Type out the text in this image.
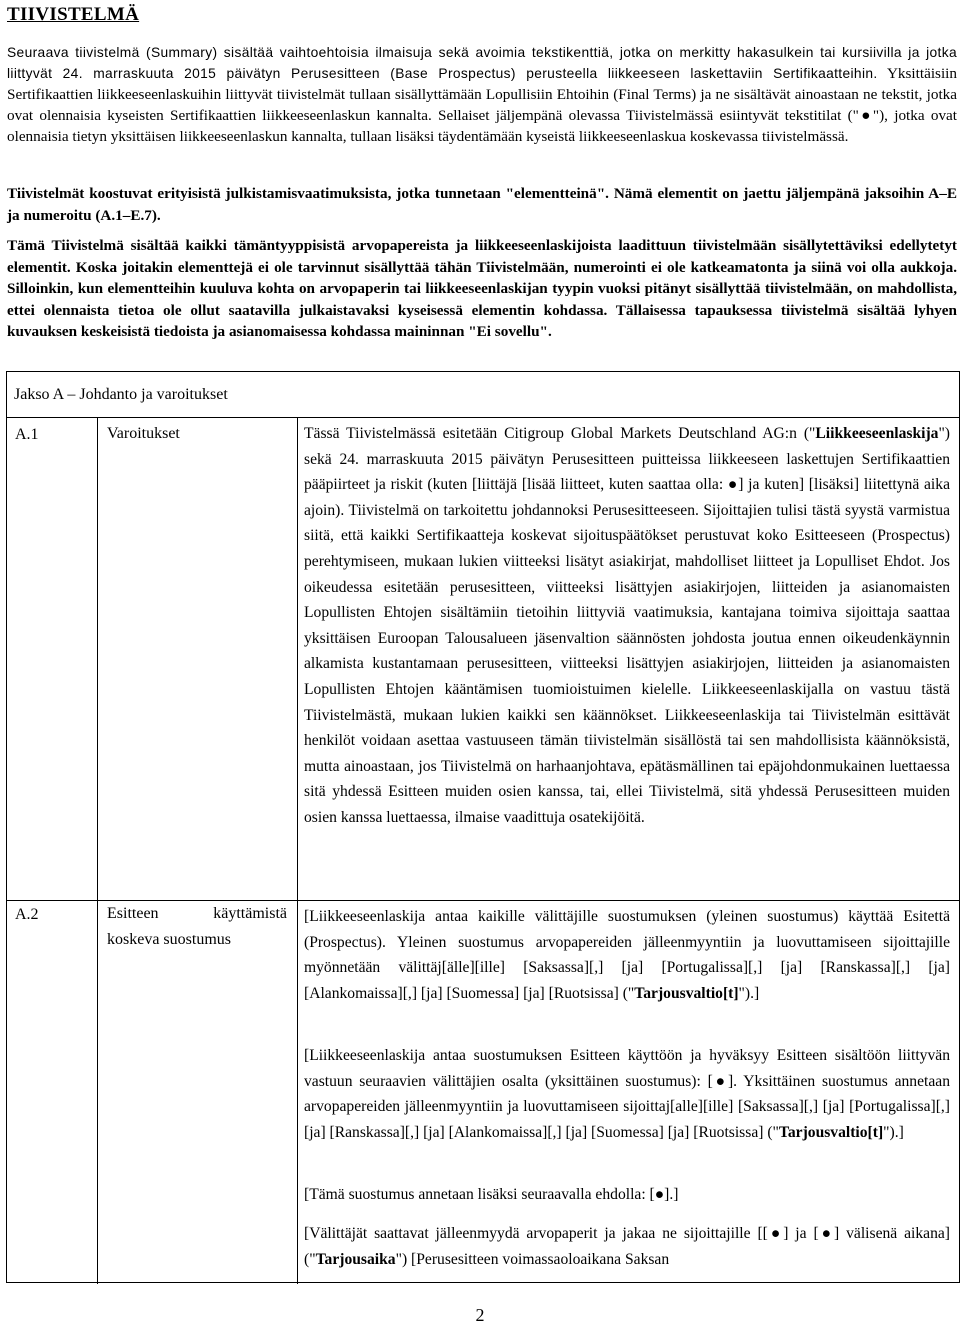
TIIVISTELMÄ

Seuraava tiivistelmä (Summary) sisältää vaihtoehtoisia ilmaisuja sekä avoimia tekstikenttiä, jotka on merkitty hakasulkein tai kursiivilla ja jotka liittyvät 24. marraskuuta 2015 päivätyn Perusesitteen (Base Prospectus) perusteella liikkeeseen laskettaviin Sertifikaatteihin. Yksittäisiin Sertifikaattien liikkeeseenlaskuihin liittyvät tiivistelmät tullaan sisällyttämään Lopullisiin Ehtoihin (Final Terms) ja ne sisältävät ainoastaan ne tekstit, jotka ovat olennaisia kyseisten Sertifikaattien liikkeeseenlaskun kannalta. Sellaiset jäljempänä olevassa Tiivistelmässä esiintyvät tekstitilat ("●"), jotka ovat olennaisia tietyn yksittäisen liikkeeseenlaskun kannalta, tullaan lisäksi täydentämään kyseistä liikkeeseenlaskua koskevassa tiivistelmässä.

Tiivistelmät koostuvat erityisistä julkistamisvaatimuksista, jotka tunnetaan "elementteinä". Nämä elementit on jaettu jäljempänä jaksoihin A–E ja numeroitu (A.1–E.7).

Tämä Tiivistelmä sisältää kaikki tämäntyyppisistä arvopapereista ja liikkeeseenlaskijoista laadittuun tiivistelmään sisällytettäviksi edellytetyt elementit. Koska joitakin elementtejä ei ole tarvinnut sisällyttää tähän Tiivistelmään, numerointi ei ole katkeamatonta ja siinä voi olla aukkoja. Silloinkin, kun elementteihin kuuluva kohta on arvopaperin tai liikkeeseenlaskijan tyypin vuoksi pitänyt sisällyttää tiivistelmään, on mahdollista, ettei olennaista tietoa ole ollut saatavilla julkaistavaksi kyseisessä elementin kohdassa. Tällaisessa tapauksessa tiivistelmä sisältää lyhyen kuvauksen keskeisistä tiedoista ja asianomaisessa kohdassa maininnan "Ei sovellu".

Jakso A – Johdanto ja varoitukset
A.1	Varoitukset	Tässä Tiivistelmässä esitetään Citigroup Global Markets Deutschland AG:n ("Liikkeeseenlaskija") sekä 24. marraskuuta 2015 päivätyn Perusesitteen puitteissa liikkeeseen laskettujen Sertifikaattien pääpiirteet ja riskit (kuten [liittäjä [lisää liitteet, kuten saattaa olla: ●] ja kuten] [lisäksi] liitettynä aika ajoin). Tiivistelmä on tarkoitettu johdannoksi Perusesitteeseen. Sijoittajien tulisi tästä syystä varmistua siitä, että kaikki Sertifikaatteja koskevat sijoituspäätökset perustuvat koko Esitteeseen (Prospectus) perehtymiseen, mukaan lukien viitteeksi lisätyt asiakirjat, mahdolliset liitteet ja Lopulliset Ehdot. Jos oikeudessa esitetään perusesitteen, viitteeksi lisättyjen asiakirjojen, liitteiden ja asianomaisten Lopullisten Ehtojen sisältämiin tietoihin liittyviä vaatimuksia, kantajana toimiva sijoittaja saattaa yksittäisen Euroopan Talousalueen jäsenvaltion säännösten johdosta joutua ennen oikeudenkäynnin alkamista kustantamaan perusesitteen, viitteeksi lisättyjen asiakirjojen, liitteiden ja asianomaisten Lopullisten Ehtojen kääntämisen tuomioistuimen kielelle. Liikkeeseenlaskijalla on vastuu tästä Tiivistelmästä, mukaan lukien kaikki sen käännökset. Liikkeeseenlaskija tai Tiivistelmän esittävät henkilöt voidaan asettaa vastuuseen tämän tiivistelmän sisällöstä tai sen mahdollisista käännöksistä, mutta ainoastaan, jos Tiivistelmä on harhaanjohtava, epätäsmällinen tai epäjohdonmukainen luettaessa sitä yhdessä Esitteen muiden osien kanssa, tai, ellei Tiivistelmä, sitä yhdessä Perusesitteen muiden osien kanssa luettaessa, ilmaise vaadittuja osatekijöitä.

A.2	Esitteen käyttämistä koskeva suostumus

[Liikkeeseenlaskija antaa kaikille välittäjille suostumuksen (yleinen suostumus) käyttää Esitettä (Prospectus). Yleinen suostumus arvopapereiden jälleenmyyntiin ja luovuttamiseen sijoittajille myönnetään välittäj[älle][ille] [Saksassa][,] [ja] [Portugalissa][,] [ja] [Ranskassa][,] [ja] [Alankomaissa][,] [ja] [Suomessa] [ja] [Ruotsissa] ("Tarjousvaltio[t]").]

[Liikkeeseenlaskija antaa suostumuksen Esitteen käyttöön ja hyväksyy Esitteen sisältöön liittyvän vastuun seuraavien välittäjien osalta (yksittäinen suostumus): [●]. Yksittäinen suostumus annetaan arvopapereiden jälleenmyyntiin ja luovuttamiseen sijoittaj[alle][ille] [Saksassa][,] [ja] [Portugalissa][,] [ja] [Ranskassa][,] [ja] [Alankomaissa][,] [ja] [Suomessa] [ja] [Ruotsissa] ("Tarjousvaltio[t]").]

[Tämä suostumus annetaan lisäksi seuraavalla ehdolla: [●].]

[Välittäjät saattavat jälleenmyydä arvopaperit ja jakaa ne sijoittajille [[●] ja [●] välisenä aikana] ("Tarjousaika") [Perusesitteen voimassaoloaikana Saksan

2
